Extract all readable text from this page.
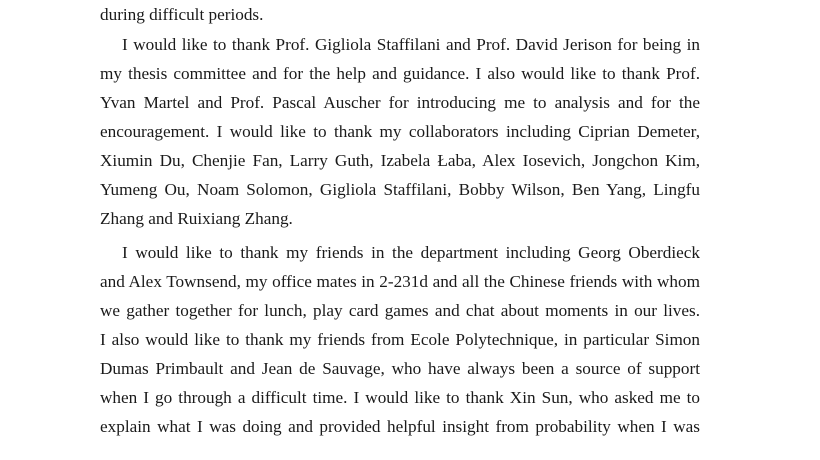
during difficult periods.
I would like to thank Prof. Gigliola Staffilani and Prof. David Jerison for being in
my thesis committee and for the help and guidance. I also would like to thank Prof.
Yvan Martel and Prof. Pascal Auscher for introducing me to analysis and for the
encouragement. I would like to thank my collaborators including Ciprian Demeter,
Xiumin Du, Chenjie Fan, Larry Guth, Izabela Łaba, Alex Iosevich, Jongchon Kim,
Yumeng Ou, Noam Solomon, Gigliola Staffilani, Bobby Wilson, Ben Yang, Lingfu
Zhang and Ruixiang Zhang.
I would like to thank my friends in the department including Georg Oberdieck
and Alex Townsend, my office mates in 2-231d and all the Chinese friends with whom
we gather together for lunch, play card games and chat about moments in our lives.
I also would like to thank my friends from Ecole Polytechnique, in particular Simon
Dumas Primbault and Jean de Sauvage, who have always been a source of support
when I go through a difficult time. I would like to thank Xin Sun, who asked me to
explain what I was doing and provided helpful insight from probability when I was
